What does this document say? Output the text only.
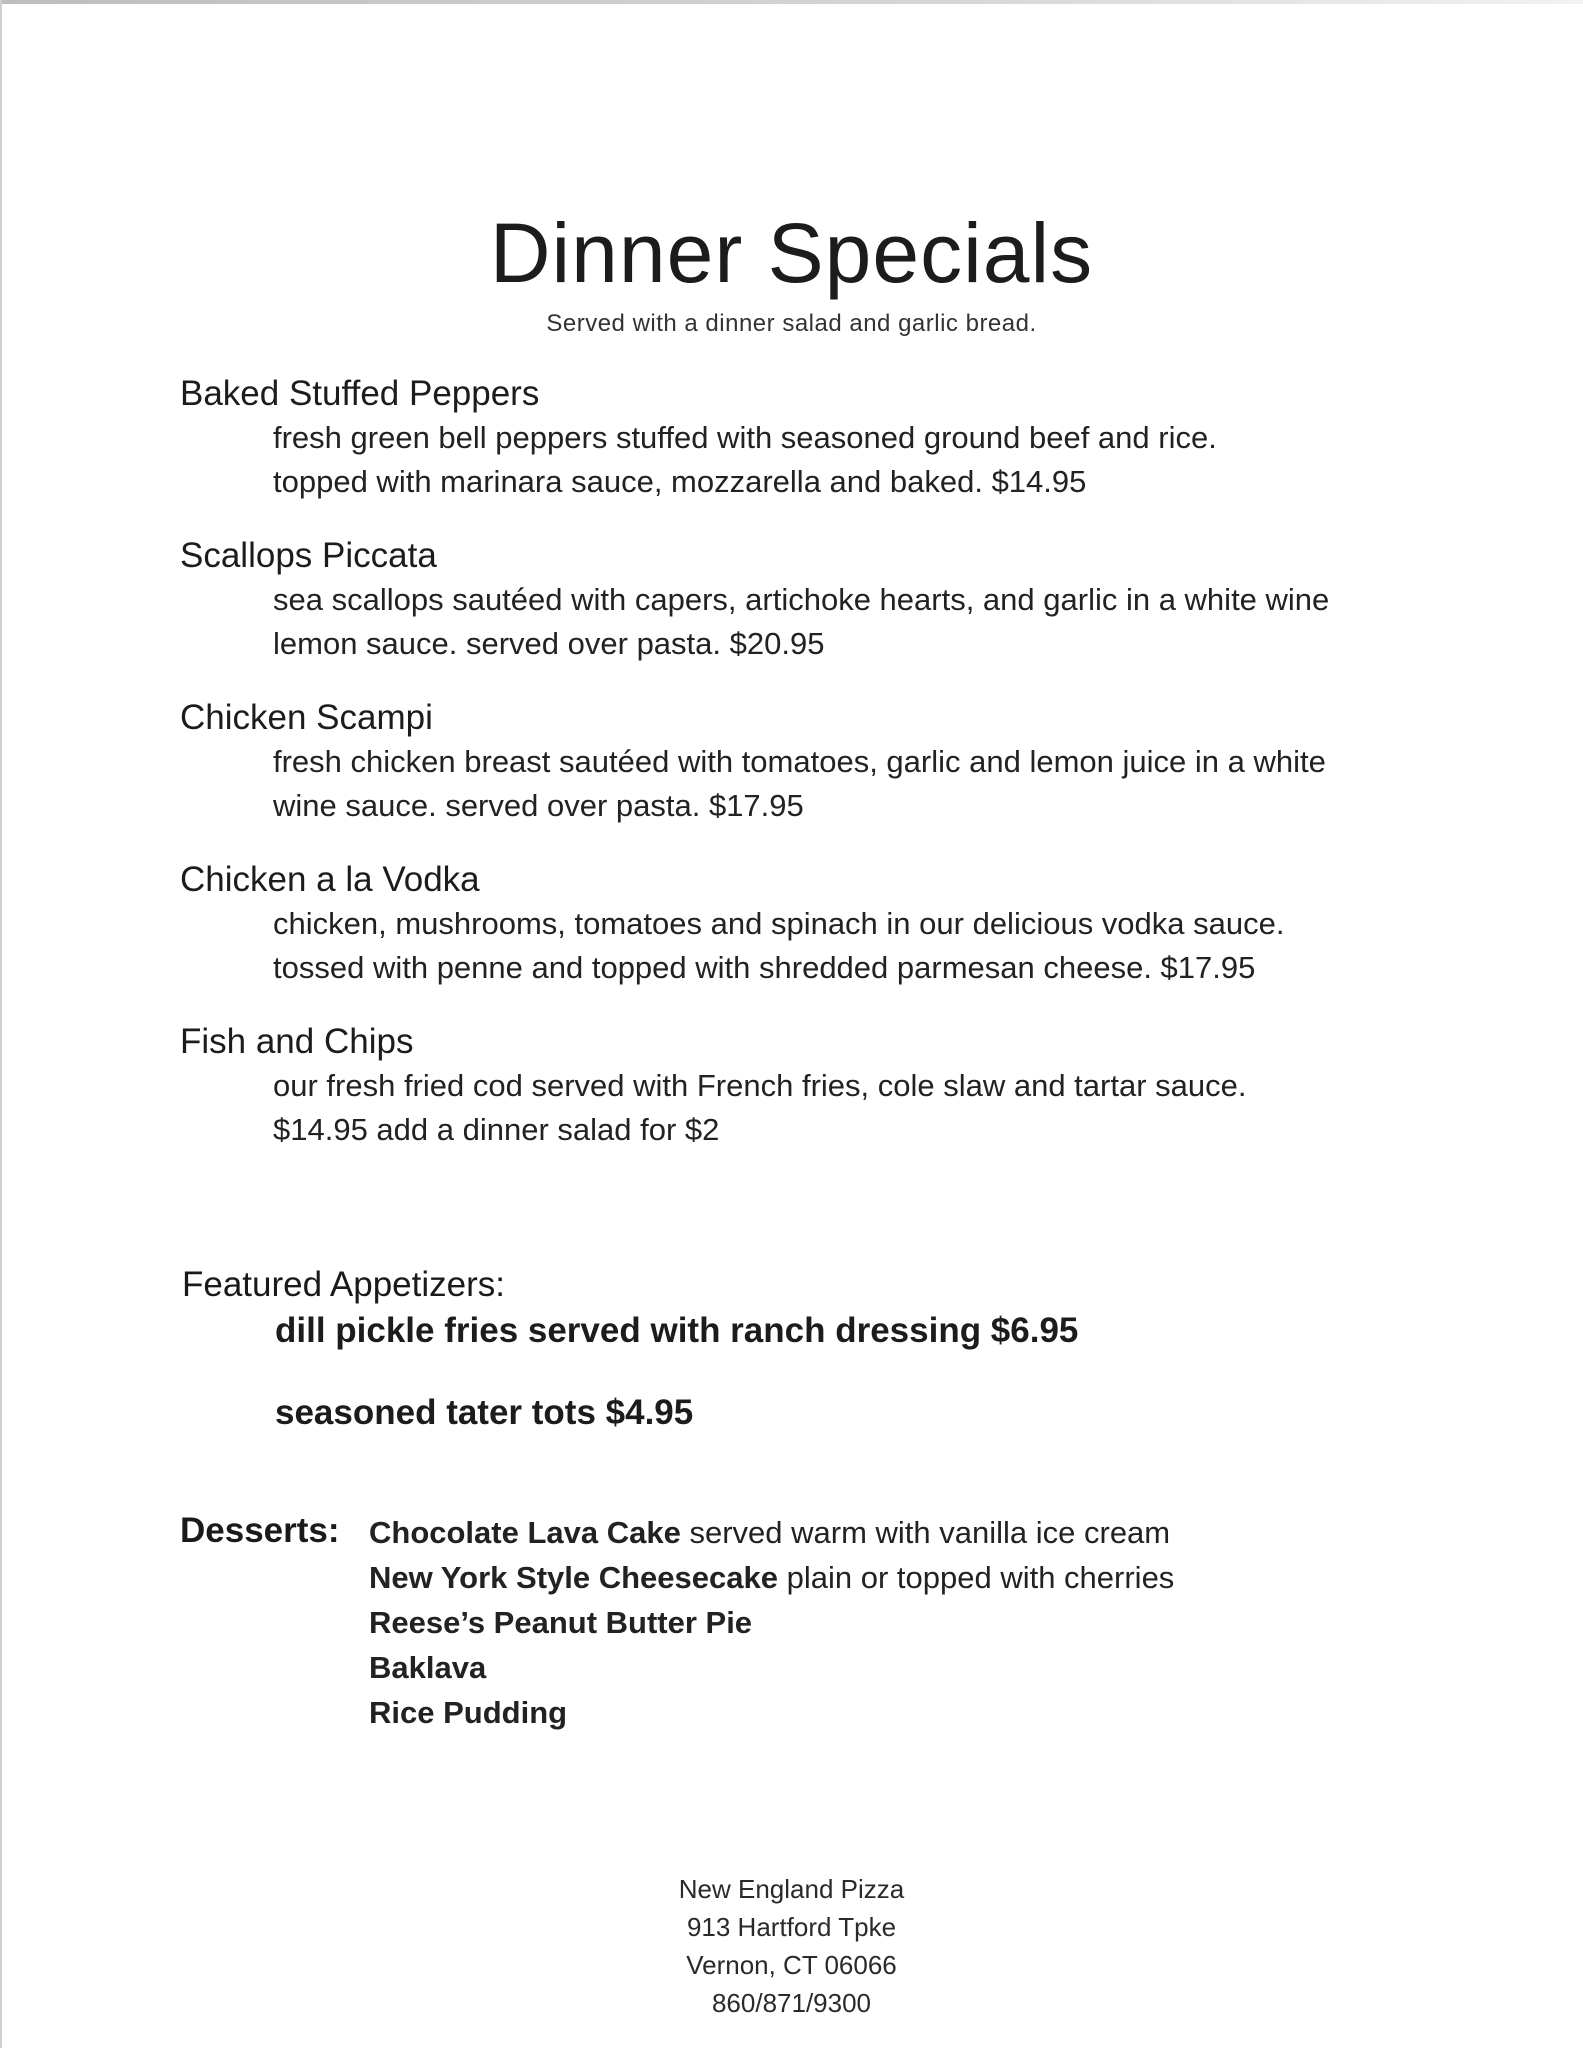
Dinner Specials
Served with a dinner salad and garlic bread.
Baked Stuffed Peppers
fresh green bell peppers stuffed with seasoned ground beef and rice.
topped with marinara sauce, mozzarella and baked. $14.95
Scallops Piccata
sea scallops sautéed with capers, artichoke hearts, and garlic in a white wine
lemon sauce. served over pasta. $20.95
Chicken Scampi
fresh chicken breast sautéed with tomatoes, garlic and lemon juice in a white
wine sauce. served over pasta. $17.95
Chicken a la Vodka
chicken, mushrooms, tomatoes and spinach in our delicious vodka sauce.
tossed with penne and topped with shredded parmesan cheese. $17.95
Fish and Chips
our fresh fried cod served with French fries, cole slaw and tartar sauce.
$14.95 add a dinner salad for $2
Featured Appetizers:
dill pickle fries served with ranch dressing $6.95
seasoned tater tots $4.95
Desserts: Chocolate Lava Cake served warm with vanilla ice cream
New York Style Cheesecake plain or topped with cherries
Reese’s Peanut Butter Pie
Baklava
Rice Pudding
New England Pizza
913 Hartford Tpke
Vernon, CT 06066
860/871/9300
